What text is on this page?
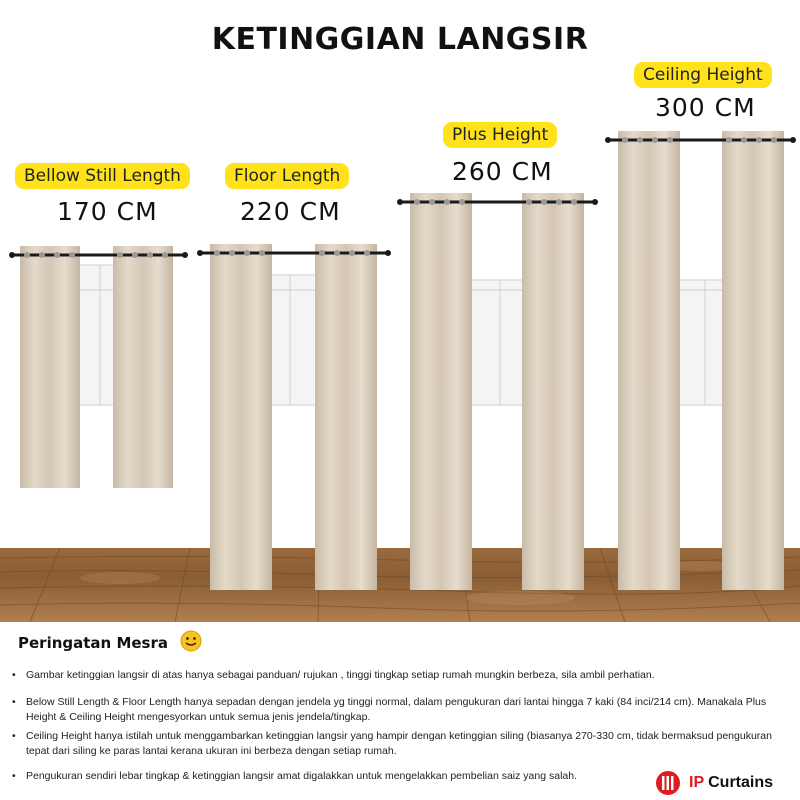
KETINGGIAN LANGSIR
Bellow Still Length
170 CM
Floor Length
220 CM
Plus Height
260 CM
Ceiling Height
300 CM
Peringatan Mesra
• Gambar ketinggian langsir di atas hanya sebagai panduan/ rujukan , tinggi tingkap setiap rumah mungkin berbeza, sila ambil perhatian.
• Below Still Length & Floor Length hanya sepadan dengan jendela yg tinggi normal, dalam pengukuran dari lantai hingga 7 kaki (84 inci/214 cm). Manakala Plus Height & Ceiling Height mengesyorkan untuk semua jenis jendela/tingkap.
• Ceiling Height hanya istilah untuk menggambarkan ketinggian langsir yang hampir dengan ketinggian siling (biasanya 270-330 cm, tidak bermaksud pengukuran tepat dari siling ke paras lantai kerana ukuran ini berbeza dengan setiap rumah.
• Pengukuran sendiri lebar tingkap & ketinggian langsir amat digalakkan untuk mengelakkan pembelian saiz yang salah.	IP Curtains
